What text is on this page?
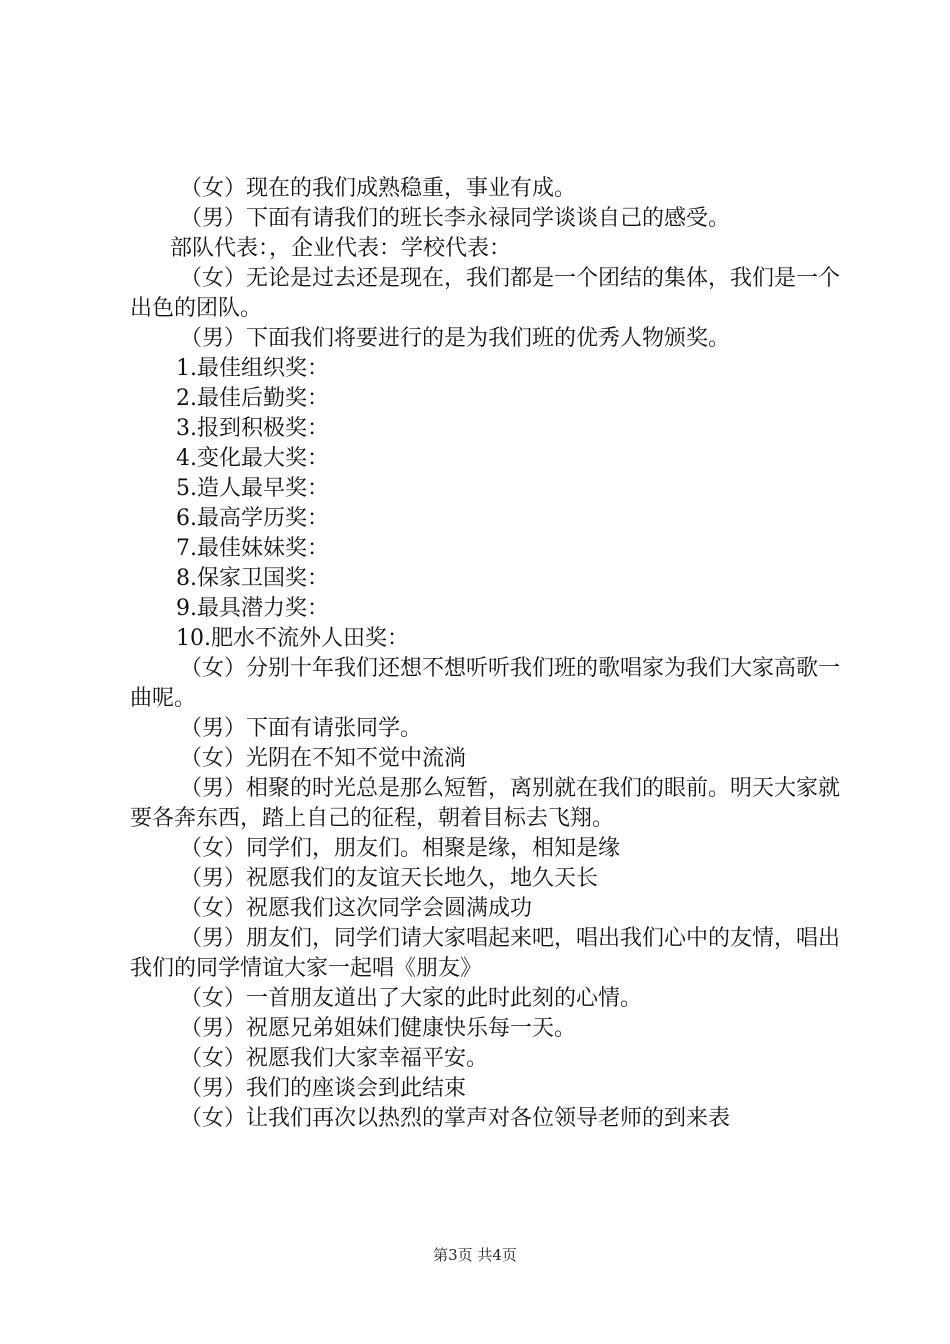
（女）现在的我们成熟稳重，事业有成。

（男）下面有请我们的班长李永禄同学谈谈自己的感受。

部队代表：，企业代表：学校代表：

（女）无论是过去还是现在，我们都是一个团结的集体，我们是一个出色的团队。

（男）下面我们将要进行的是为我们班的优秀人物颁奖。

1.最佳组织奖：

2.最佳后勤奖：

3.报到积极奖：

4.变化最大奖：

5.造人最早奖：

6.最高学历奖：

7.最佳妹妹奖：

8.保家卫国奖：

9.最具潜力奖：

10.肥水不流外人田奖：

（女）分别十年我们还想不想听听我们班的歌唱家为我们大家高歌一曲呢。

（男）下面有请张同学。

（女）光阴在不知不觉中流淌

（男）相聚的时光总是那么短暂，离别就在我们的眼前。明天大家就要各奔东西，踏上自己的征程，朝着目标去飞翔。

（女）同学们，朋友们。相聚是缘，相知是缘

（男）祝愿我们的友谊天长地久，地久天长

（女）祝愿我们这次同学会圆满成功

（男）朋友们，同学们请大家唱起来吧，唱出我们心中的友情，唱出我们的同学情谊大家一起唱《朋友》

（女）一首朋友道出了大家的此时此刻的心情。

（男）祝愿兄弟姐妹们健康快乐每一天。

（女）祝愿我们大家幸福平安。

（男）我们的座谈会到此结束

（女）让我们再次以热烈的掌声对各位领导老师的到来表

第3页 共4页
